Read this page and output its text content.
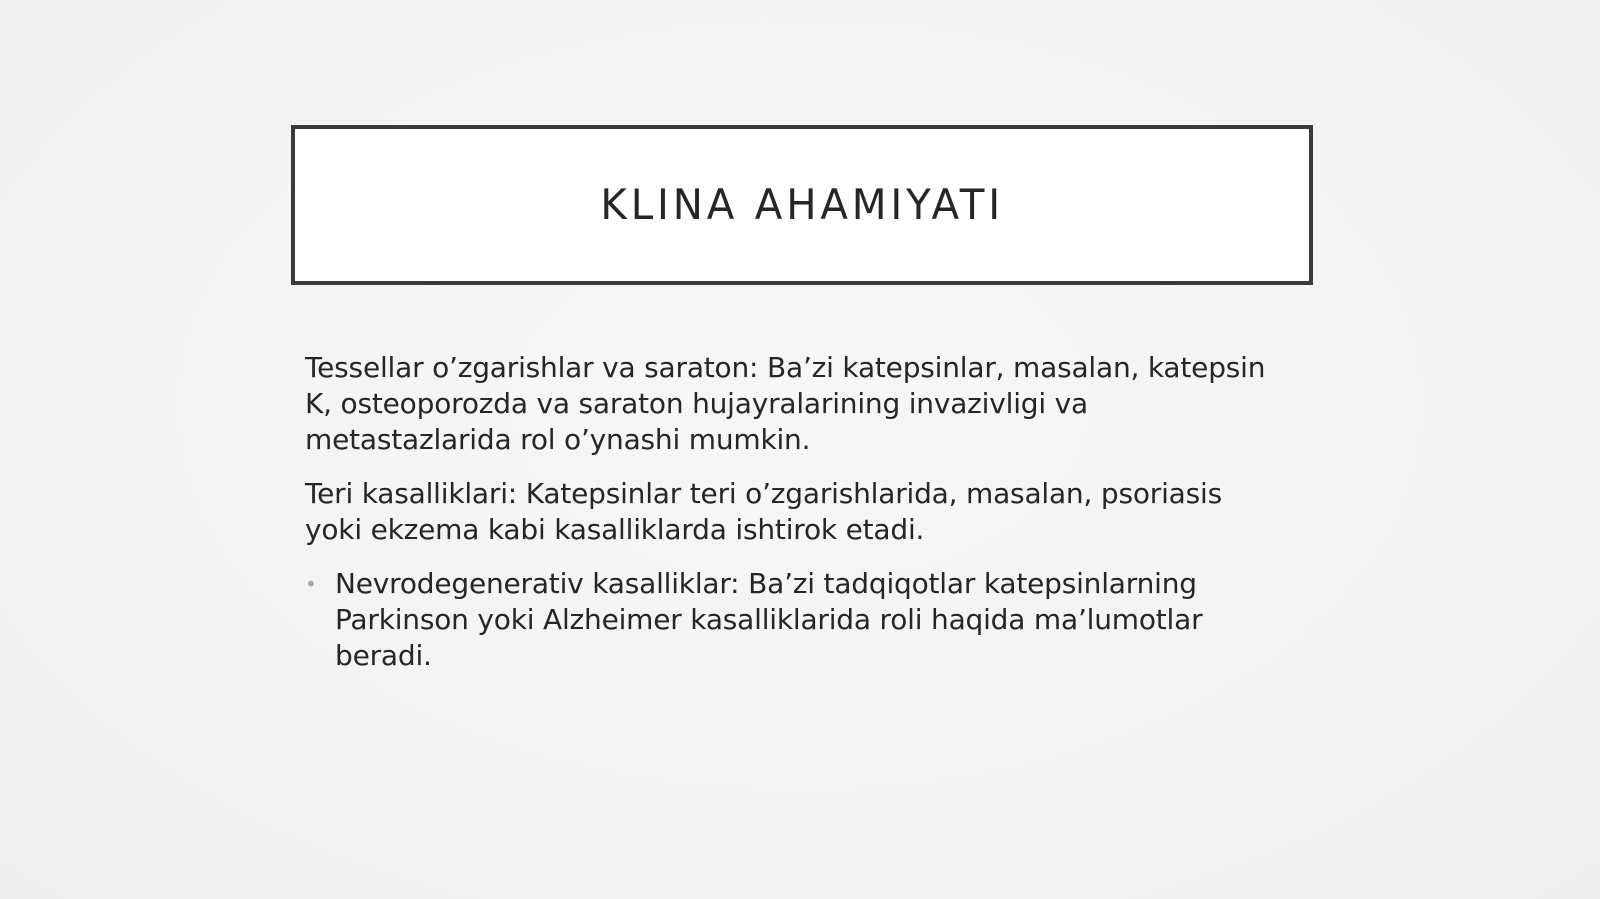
KLINA AHAMIYATI

Tessellar o’zgarishlar va saraton: Ba’zi katepsinlar, masalan, katepsin K, osteoporozda va saraton hujayralarining invazivligi va metastazlarida rol o’ynashi mumkin.

Teri kasalliklari: Katepsinlar teri o’zgarishlarida, masalan, psoriasis yoki ekzema kabi kasalliklarda ishtirok etadi.

• Nevrodegenerativ kasalliklar: Ba’zi tadqiqotlar katepsinlarning Parkinson yoki Alzheimer kasalliklarida roli haqida ma’lumotlar beradi.
